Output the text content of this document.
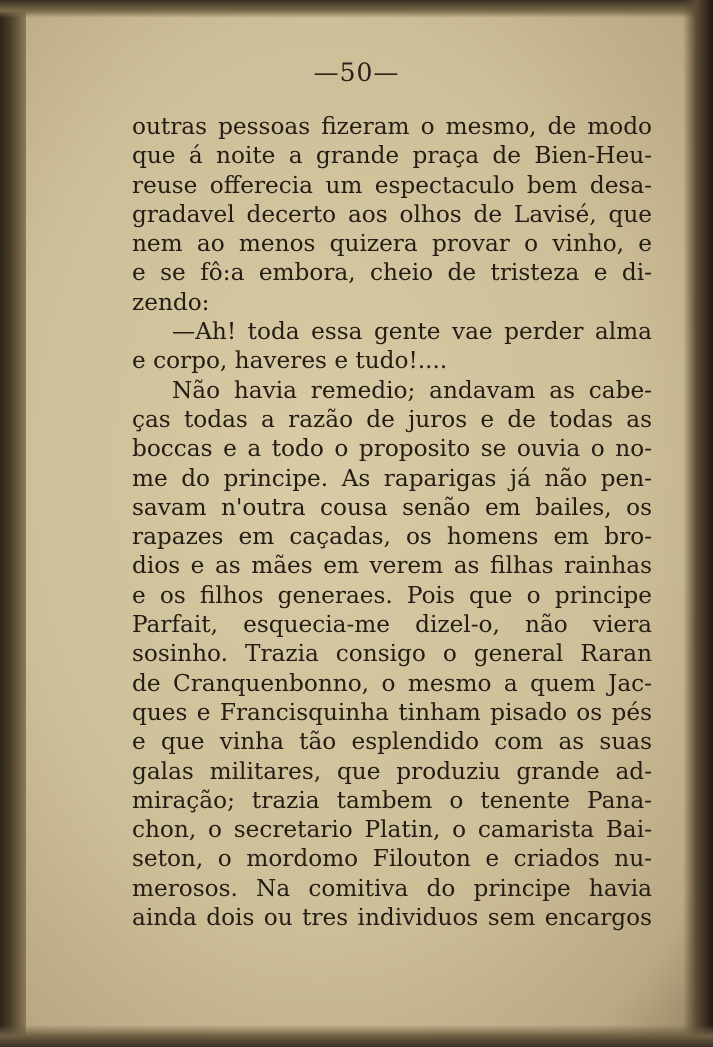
—50—
outras pessoas fizeram o mesmo, de modo
que á noite a grande praça de Bien-Heu-
reuse offerecia um espectaculo bem desa-
gradavel decerto aos olhos de Lavisé, que
nem ao menos quizera provar o vinho, e
e se fô:a embora, cheio de tristeza e di-
zendo:
—Ah! toda essa gente vae perder alma
e corpo, haveres e tudo!....
Não havia remedio; andavam as cabe-
ças todas a razão de juros e de todas as
boccas e a todo o proposito se ouvia o no-
me do principe. As raparigas já não pen-
savam n'outra cousa senão em bailes, os
rapazes em caçadas, os homens em bro-
dios e as mães em verem as filhas rainhas
e os filhos generaes. Pois que o principe
Parfait, esquecia-me dizel-o, não viera
sosinho. Trazia consigo o general Raran
de Cranquenbonno, o mesmo a quem Jac-
ques e Francisquinha tinham pisado os pés
e que vinha tão esplendido com as suas
galas militares, que produziu grande ad-
miração; trazia tambem o tenente Pana-
chon, o secretario Platin, o camarista Bai-
seton, o mordomo Filouton e criados nu-
merosos. Na comitiva do principe havia
ainda dois ou tres individuos sem encargos
